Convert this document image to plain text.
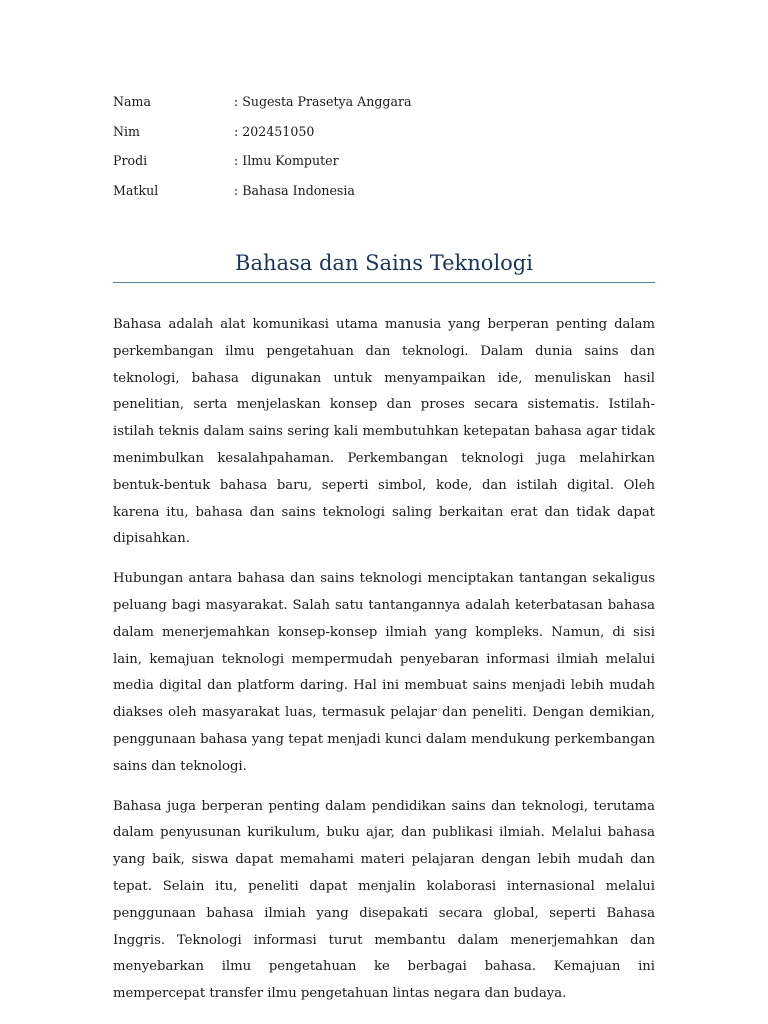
Nama	: Sugesta Prasetya Anggara
Nim	: 202451050
Prodi	: Ilmu Komputer
Matkul	: Bahasa Indonesia
Bahasa dan Sains Teknologi

Bahasa adalah alat komunikasi utama manusia yang berperan penting dalam perkembangan ilmu pengetahuan dan teknologi. Dalam dunia sains dan teknologi, bahasa digunakan untuk menyampaikan ide, menuliskan hasil penelitian, serta menjelaskan konsep dan proses secara sistematis. Istilah-istilah teknis dalam sains sering kali membutuhkan ketepatan bahasa agar tidak menimbulkan kesalahpahaman. Perkembangan teknologi juga melahirkan bentuk-bentuk bahasa baru, seperti simbol, kode, dan istilah digital. Oleh karena itu, bahasa dan sains teknologi saling berkaitan erat dan tidak dapat dipisahkan.

Hubungan antara bahasa dan sains teknologi menciptakan tantangan sekaligus peluang bagi masyarakat. Salah satu tantangannya adalah keterbatasan bahasa dalam menerjemahkan konsep-konsep ilmiah yang kompleks. Namun, di sisi lain, kemajuan teknologi mempermudah penyebaran informasi ilmiah melalui media digital dan platform daring. Hal ini membuat sains menjadi lebih mudah diakses oleh masyarakat luas, termasuk pelajar dan peneliti. Dengan demikian, penggunaan bahasa yang tepat menjadi kunci dalam mendukung perkembangan sains dan teknologi.

Bahasa juga berperan penting dalam pendidikan sains dan teknologi, terutama dalam penyusunan kurikulum, buku ajar, dan publikasi ilmiah. Melalui bahasa yang baik, siswa dapat memahami materi pelajaran dengan lebih mudah dan tepat. Selain itu, peneliti dapat menjalin kolaborasi internasional melalui penggunaan bahasa ilmiah yang disepakati secara global, seperti Bahasa Inggris. Teknologi informasi turut membantu dalam menerjemahkan dan menyebarkan ilmu pengetahuan ke berbagai bahasa. Kemajuan ini mempercepat transfer ilmu pengetahuan lintas negara dan budaya.
